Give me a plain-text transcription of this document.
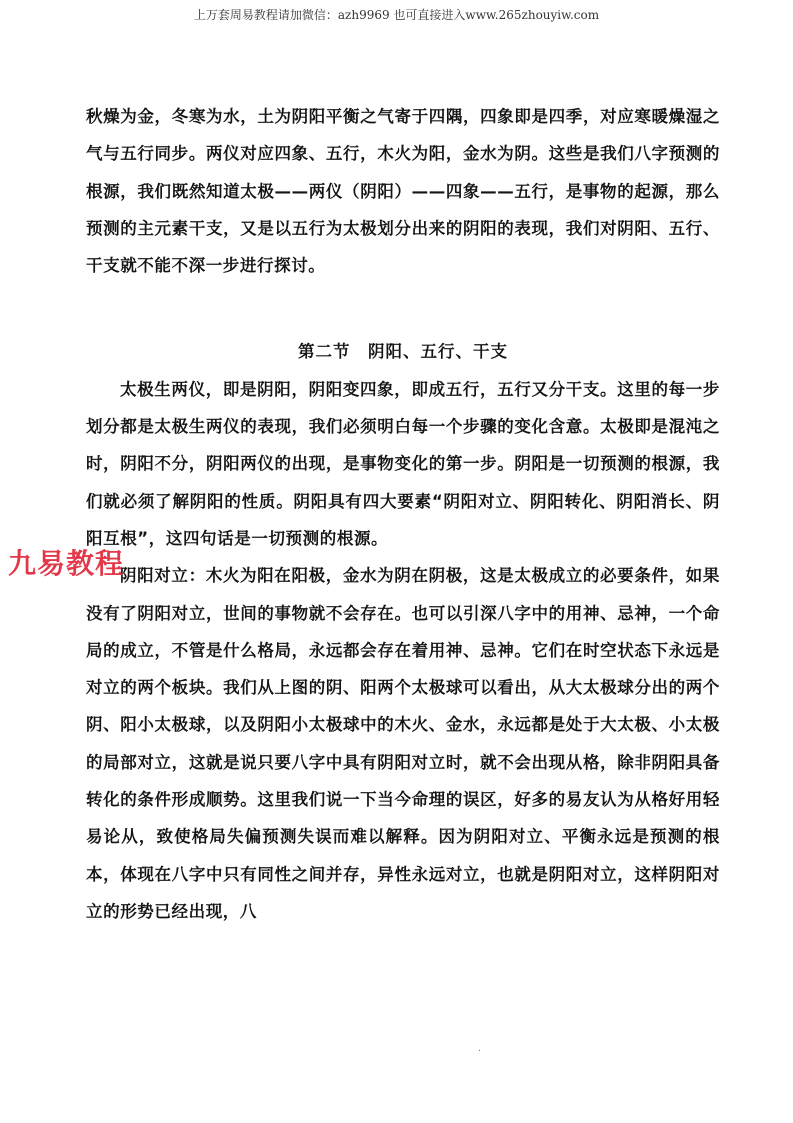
上万套周易教程请加微信：azh9969 也可直接进入www.265zhouyiw.com

秋燥为金，冬寒为水，土为阴阳平衡之气寄于四隅，四象即是四季，对应寒暖燥湿之气与五行同步。两仪对应四象、五行，木火为阳，金水为阴。这些是我们八字预测的根源，我们既然知道太极——两仪（阴阳）——四象——五行，是事物的起源，那么预测的主元素干支，又是以五行为太极划分出来的阴阳的表现，我们对阴阳、五行、干支就不能不深一步进行探讨。

第二节　阴阳、五行、干支

太极生两仪，即是阴阳，阴阳变四象，即成五行，五行又分干支。这里的每一步划分都是太极生两仪的表现，我们必须明白每一个步骤的变化含意。太极即是混沌之时，阴阳不分，阴阳两仪的出现，是事物变化的第一步。阴阳是一切预测的根源，我们就必须了解阴阳的性质。阴阳具有四大要素“阴阳对立、阴阳转化、阴阳消长、阴阳互根”，这四句话是一切预测的根源。

阴阳对立：木火为阳在阳极，金水为阴在阴极，这是太极成立的必要条件，如果没有了阴阳对立，世间的事物就不会存在。也可以引深八字中的用神、忌神，一个命局的成立，不管是什么格局，永远都会存在着用神、忌神。它们在时空状态下永远是对立的两个板块。我们从上图的阴、阳两个太极球可以看出，从大太极球分出的两个阴、阳小太极球，以及阴阳小太极球中的木火、金水，永远都是处于大太极、小太极的局部对立，这就是说只要八字中具有阴阳对立时，就不会出现从格，除非阴阳具备转化的条件形成顺势。这里我们说一下当今命理的误区，好多的易友认为从格好用轻易论从，致使格局失偏预测失误而难以解释。因为阴阳对立、平衡永远是预测的根本，体现在八字中只有同性之间并存，异性永远对立，也就是阴阳对立，这样阴阳对立的形势已经出现，八

九易教程
·
